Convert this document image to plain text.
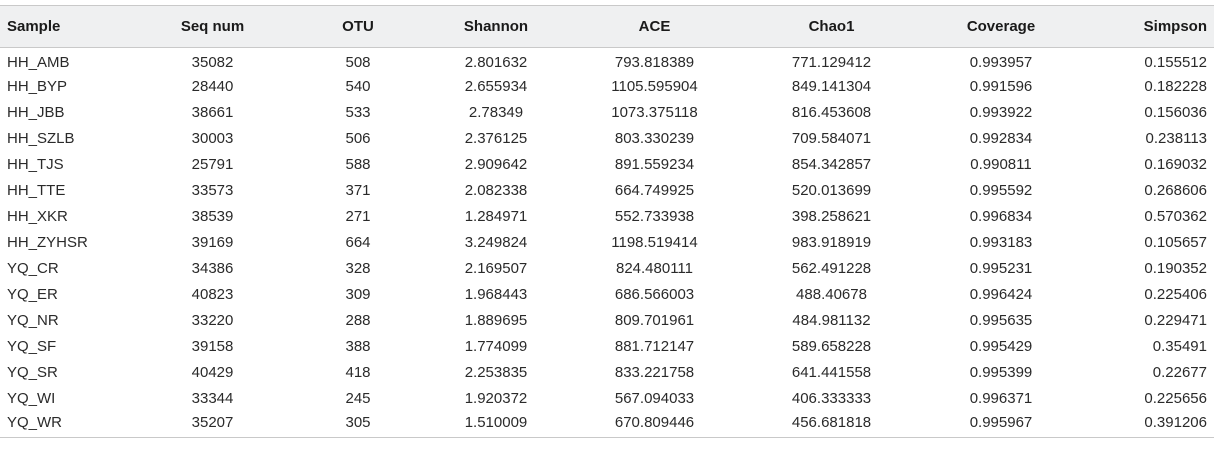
Sample	Seq num	OTU	Shannon	ACE	Chao1	Coverage	Simpson
HH_AMB	35082	508	2.801632	793.818389	771.129412	0.993957	0.155512
HH_BYP	28440	540	2.655934	1105.595904	849.141304	0.991596	0.182228
HH_JBB	38661	533	2.78349	1073.375118	816.453608	0.993922	0.156036
HH_SZLB	30003	506	2.376125	803.330239	709.584071	0.992834	0.238113
HH_TJS	25791	588	2.909642	891.559234	854.342857	0.990811	0.169032
HH_TTE	33573	371	2.082338	664.749925	520.013699	0.995592	0.268606
HH_XKR	38539	271	1.284971	552.733938	398.258621	0.996834	0.570362
HH_ZYHSR	39169	664	3.249824	1198.519414	983.918919	0.993183	0.105657
YQ_CR	34386	328	2.169507	824.480111	562.491228	0.995231	0.190352
YQ_ER	40823	309	1.968443	686.566003	488.40678	0.996424	0.225406
YQ_NR	33220	288	1.889695	809.701961	484.981132	0.995635	0.229471
YQ_SF	39158	388	1.774099	881.712147	589.658228	0.995429	0.35491
YQ_SR	40429	418	2.253835	833.221758	641.441558	0.995399	0.22677
YQ_WI	33344	245	1.920372	567.094033	406.333333	0.996371	0.225656
YQ_WR	35207	305	1.510009	670.809446	456.681818	0.995967	0.391206
